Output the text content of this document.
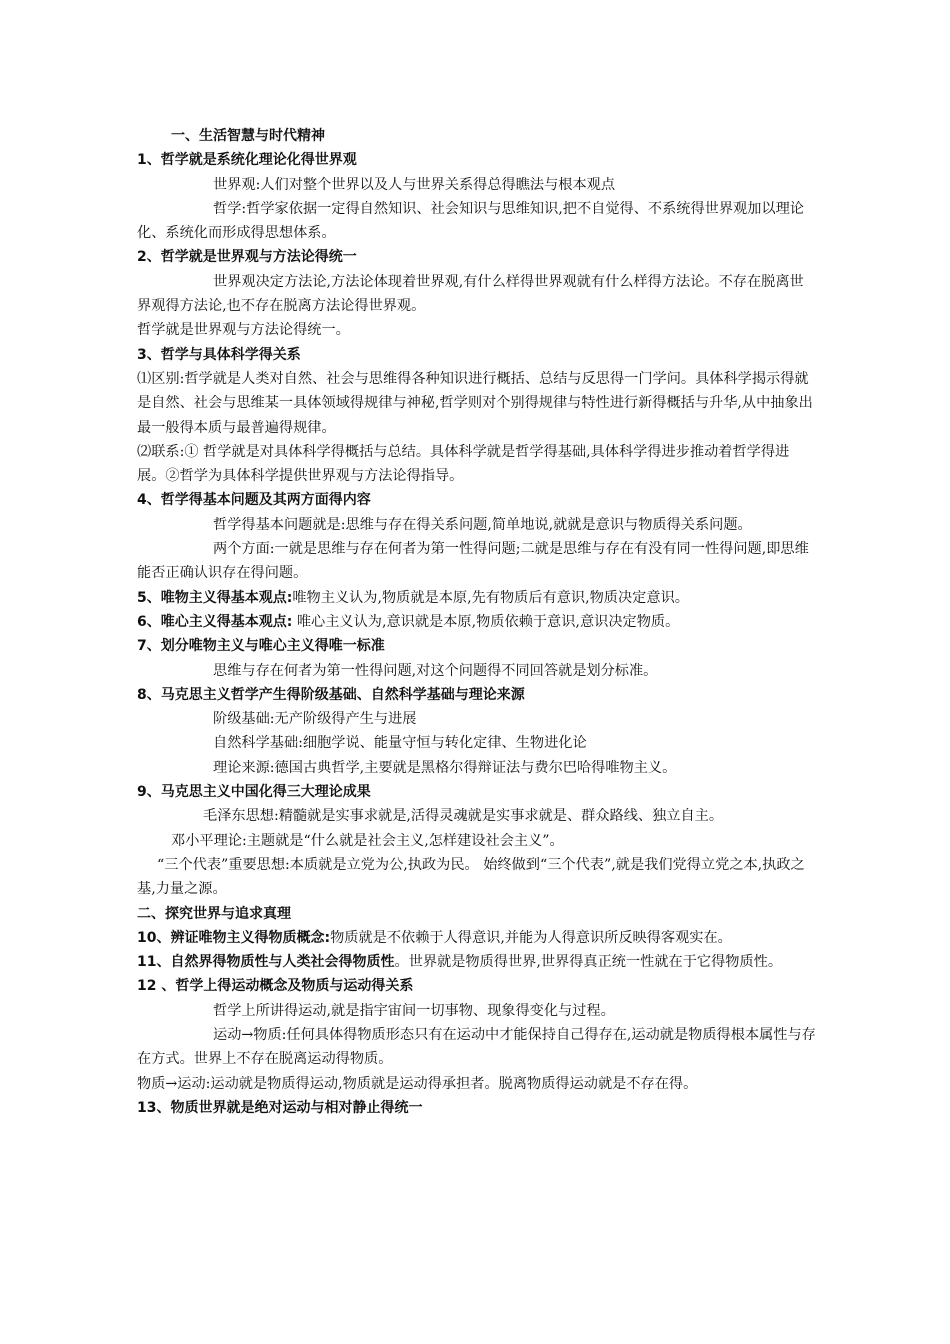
一、生活智慧与时代精神

1、哲学就是系统化理论化得世界观

世界观:人们对整个世界以及人与世界关系得总得瞧法与根本观点

哲学:哲学家依据一定得自然知识、社会知识与思维知识,把不自觉得、不系统得世界观加以理论化、系统化而形成得思想体系。

2、哲学就是世界观与方法论得统一

世界观决定方法论,方法论体现着世界观,有什么样得世界观就有什么样得方法论。不存在脱离世界观得方法论,也不存在脱离方法论得世界观。

哲学就是世界观与方法论得统一。

3、哲学与具体科学得关系

⑴区别:哲学就是人类对自然、社会与思维得各种知识进行概括、总结与反思得一门学问。具体科学揭示得就是自然、社会与思维某一具体领域得规律与神秘,哲学则对个别得规律与特性进行新得概括与升华,从中抽象出最一般得本质与最普遍得规律。

⑵联系:① 哲学就是对具体科学得概括与总结。具体科学就是哲学得基础,具体科学得进步推动着哲学得进展。②哲学为具体科学提供世界观与方法论得指导。

4、哲学得基本问题及其两方面得内容

哲学得基本问题就是:思维与存在得关系问题,简单地说,就就是意识与物质得关系问题。

两个方面:一就是思维与存在何者为第一性得问题;二就是思维与存在有没有同一性得问题,即思维能否正确认识存在得问题。

5、唯物主义得基本观点:唯物主义认为,物质就是本原,先有物质后有意识,物质决定意识。

6、唯心主义得基本观点: 唯心主义认为,意识就是本原,物质依赖于意识,意识决定物质。

7、划分唯物主义与唯心主义得唯一标准

思维与存在何者为第一性得问题,对这个问题得不同回答就是划分标准。

8、马克思主义哲学产生得阶级基础、自然科学基础与理论来源

阶级基础:无产阶级得产生与进展

自然科学基础:细胞学说、能量守恒与转化定律、生物进化论

理论来源:德国古典哲学,主要就是黑格尔得辩证法与费尔巴哈得唯物主义。

9、马克思主义中国化得三大理论成果

毛泽东思想:精髓就是实事求就是,活得灵魂就是实事求就是、群众路线、独立自主。

邓小平理论:主题就是“什么就是社会主义,怎样建设社会主义”。

“三个代表”重要思想:本质就是立党为公,执政为民。 始终做到“三个代表”,就是我们党得立党之本,执政之基,力量之源。

二、探究世界与追求真理

10、辨证唯物主义得物质概念:物质就是不依赖于人得意识,并能为人得意识所反映得客观实在。

11、自然界得物质性与人类社会得物质性。世界就是物质得世界,世界得真正统一性就在于它得物质性。

12 、哲学上得运动概念及物质与运动得关系

哲学上所讲得运动,就是指宇宙间一切事物、现象得变化与过程。

运动→物质:任何具体得物质形态只有在运动中才能保持自己得存在,运动就是物质得根本属性与存在方式。世界上不存在脱离运动得物质。

物质→运动:运动就是物质得运动,物质就是运动得承担者。脱离物质得运动就是不存在得。

13、物质世界就是绝对运动与相对静止得统一
